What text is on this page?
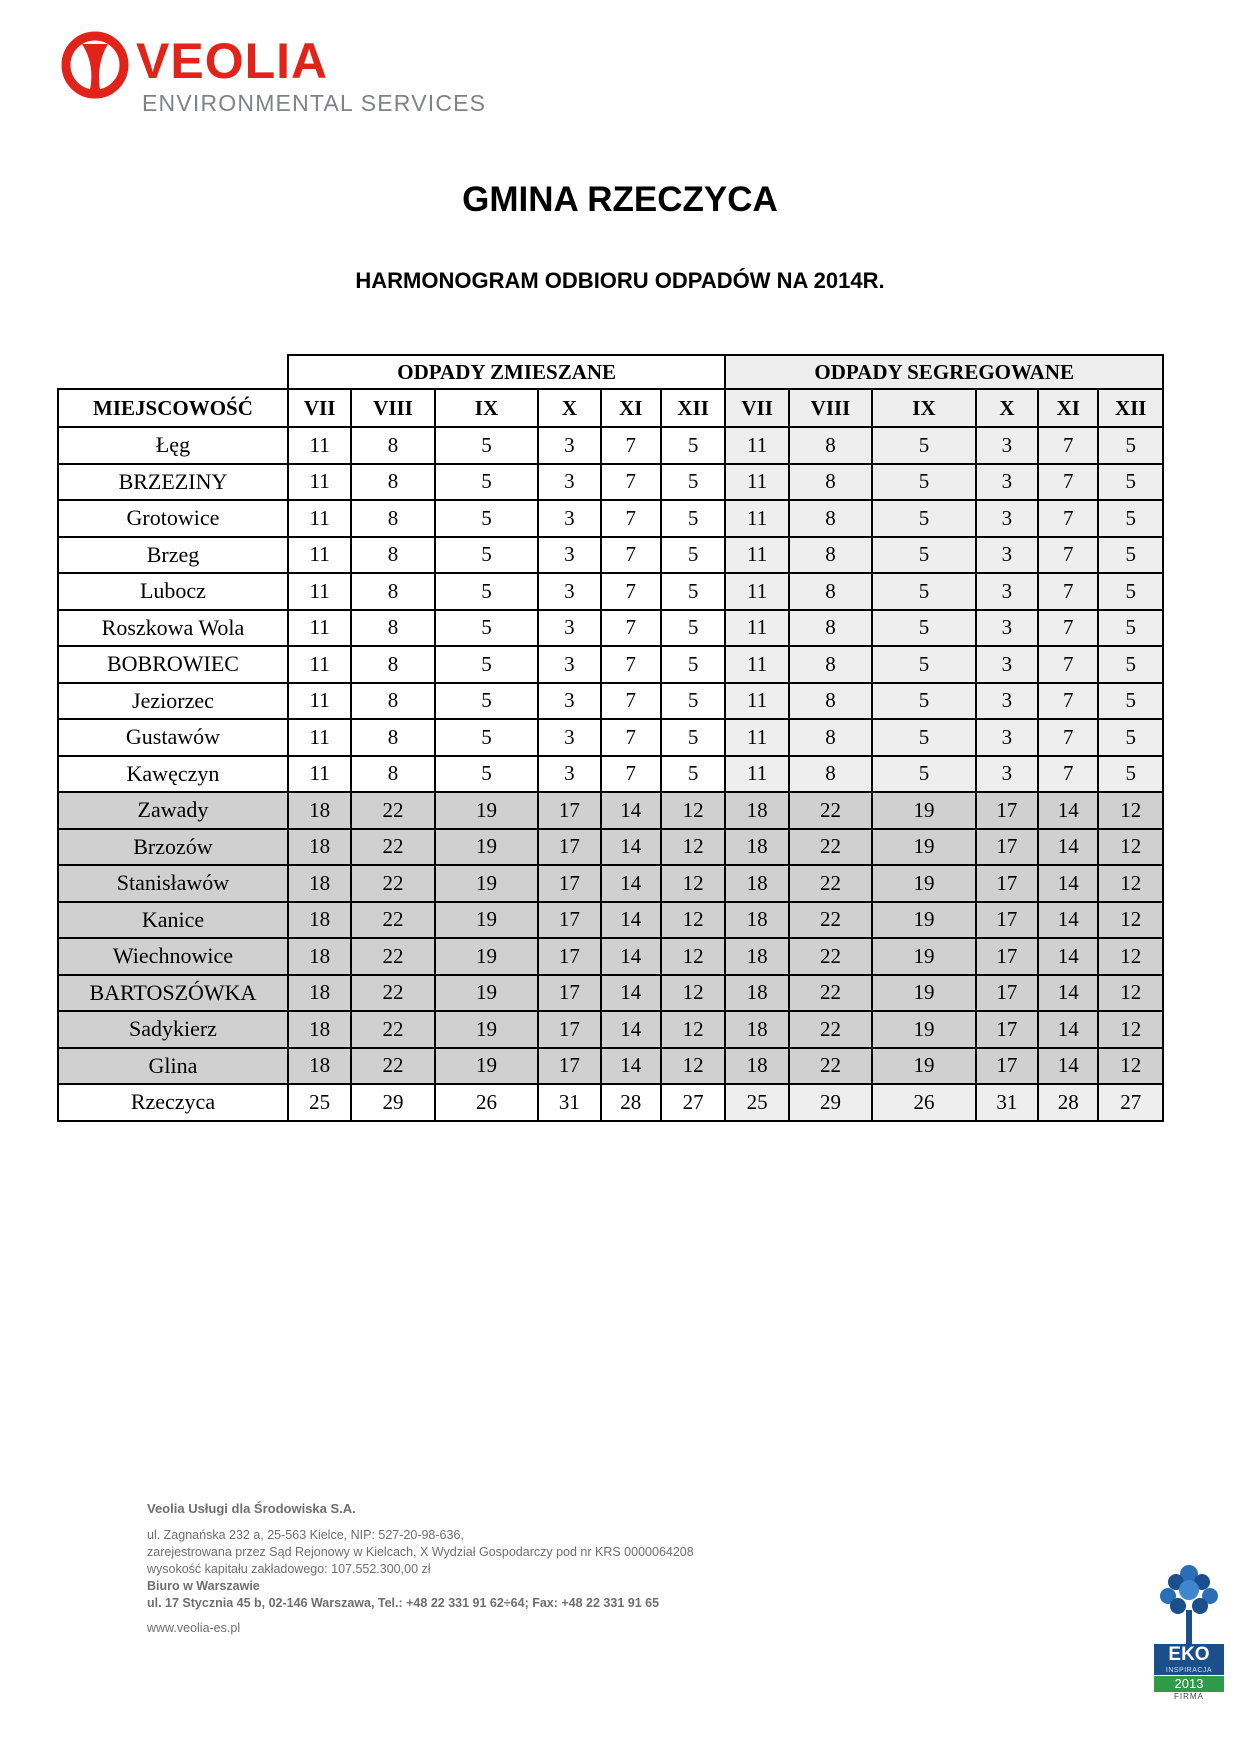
VEOLIA
ENVIRONMENTAL SERVICES
GMINA RZECZYCA
HARMONOGRAM ODBIORU ODPADÓW NA 2014R.
	ODPADY ZMIESZANE						ODPADY SEGREGOWANE					
MIEJSCOWOŚĆ	VII	VIII	IX	X	XI	XII	VII	VIII	IX	X	XI	XII
Łęg	11	8	5	3	7	5	11	8	5	3	7	5
BRZEZINY	11	8	5	3	7	5	11	8	5	3	7	5
Grotowice	11	8	5	3	7	5	11	8	5	3	7	5
Brzeg	11	8	5	3	7	5	11	8	5	3	7	5
Lubocz	11	8	5	3	7	5	11	8	5	3	7	5
Roszkowa Wola	11	8	5	3	7	5	11	8	5	3	7	5
BOBROWIEC	11	8	5	3	7	5	11	8	5	3	7	5
Jeziorzec	11	8	5	3	7	5	11	8	5	3	7	5
Gustawów	11	8	5	3	7	5	11	8	5	3	7	5
Kawęczyn	11	8	5	3	7	5	11	8	5	3	7	5
Zawady	18	22	19	17	14	12	18	22	19	17	14	12
Brzozów	18	22	19	17	14	12	18	22	19	17	14	12
Stanisławów	18	22	19	17	14	12	18	22	19	17	14	12
Kanice	18	22	19	17	14	12	18	22	19	17	14	12
Wiechnowice	18	22	19	17	14	12	18	22	19	17	14	12
BARTOSZÓWKA	18	22	19	17	14	12	18	22	19	17	14	12
Sadykierz	18	22	19	17	14	12	18	22	19	17	14	12
Glina	18	22	19	17	14	12	18	22	19	17	14	12
Rzeczyca	25	29	26	31	28	27	25	29	26	31	28	27
Veolia Usługi dla Środowiska S.A.
ul. Zagnańska 232 a, 25-563 Kielce, NIP: 527-20-98-636,
zarejestrowana przez Sąd Rejonowy w Kielcach, X Wydział Gospodarczy pod nr KRS 0000064208
wysokość kapitału zakładowego: 107.552.300,00 zł
Biuro w Warszawie
ul. 17 Stycznia 45 b, 02-146 Warszawa, Tel.: +48 22 331 91 62÷64; Fax: +48 22 331 91 65
www.veolia-es.pl
EKO
INSPIRACJA
2013
FIRMA
